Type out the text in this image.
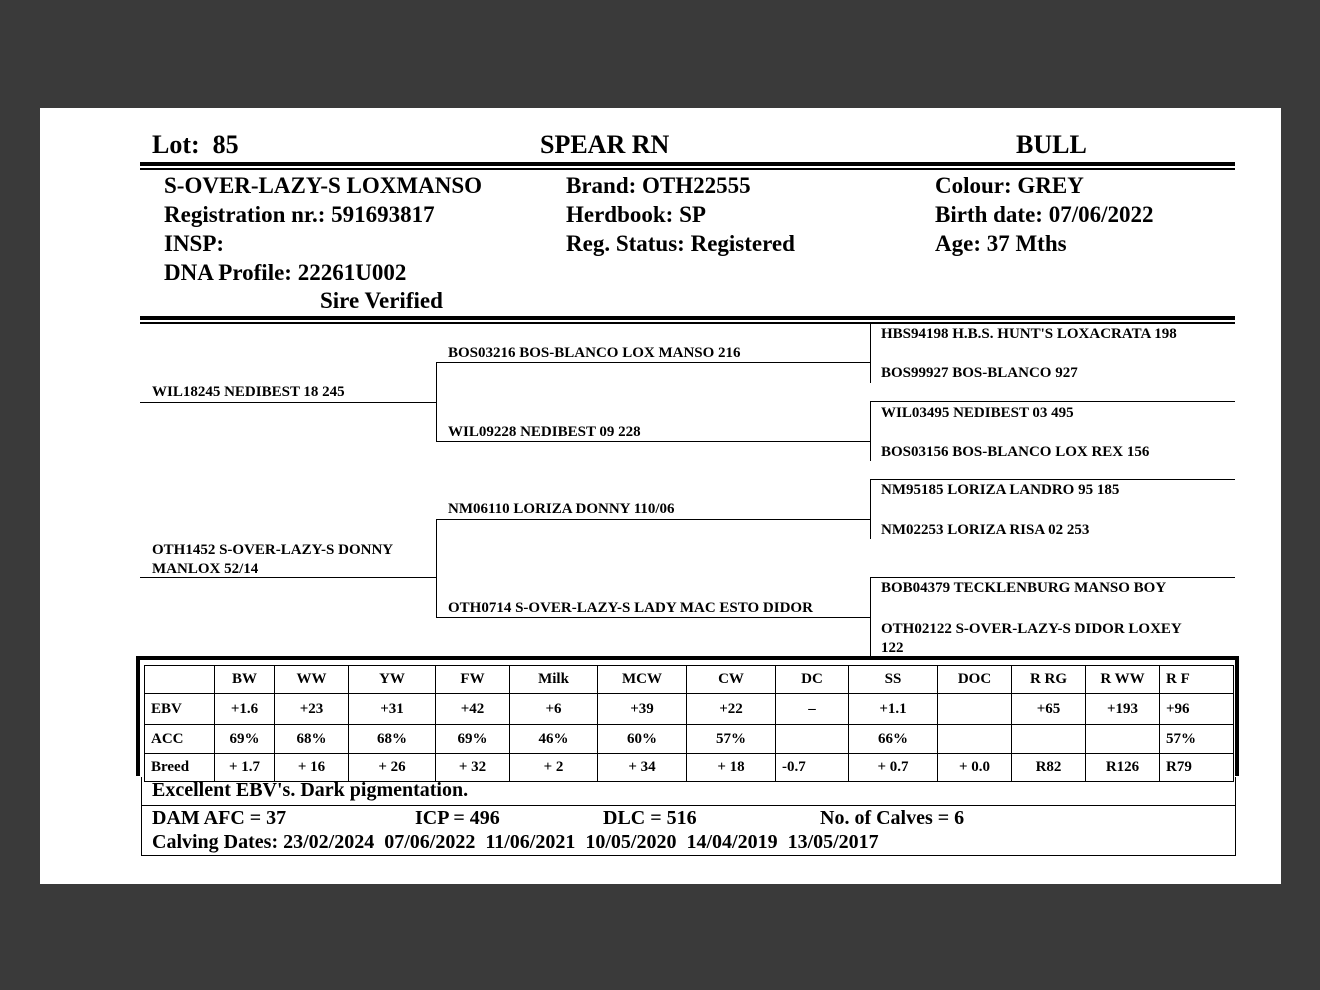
Lot: 85	SPEAR RN	BULL
S-OVER-LAZY-S LOXMANSO
Registration nr.: 591693817
INSP:
DNA Profile: 22261U002
Sire Verified
Brand: OTH22555
Herdbook: SP
Reg. Status: Registered
Colour: GREY
Birth date: 07/06/2022
Age: 37 Mths
WIL18245 NEDIBEST 18 245
OTH1452 S-OVER-LAZY-S DONNY
MANLOX 52/14
BOS03216 BOS-BLANCO LOX MANSO 216
WIL09228 NEDIBEST 09 228
NM06110 LORIZA DONNY 110/06
OTH0714 S-OVER-LAZY-S LADY MAC ESTO DIDOR
HBS94198 H.B.S. HUNT'S LOXACRATA 198
BOS99927 BOS-BLANCO 927
WIL03495 NEDIBEST 03 495
BOS03156 BOS-BLANCO LOX REX 156
NM95185 LORIZA LANDRO 95 185
NM02253 LORIZA RISA 02 253
BOB04379 TECKLENBURG MANSO BOY
OTH02122 S-OVER-LAZY-S DIDOR LOXEY
122
	BW	WW	YW	FW	Milk	MCW	CW	DC	SS	DOC	R RG	R WW	R F
EBV	+1.6	+23	+31	+42	+6	+39	+22	–	+1.1		+65	+193	+96
ACC	69%	68%	68%	69%	46%	60%	57%		66%				57%
Breed	+ 1.7	+ 16	+ 26	+ 32	+ 2	+ 34	+ 18	-0.7	+ 0.7	+ 0.0	R82	R126	R79
Excellent EBV's. Dark pigmentation.
DAM AFC = 37	ICP = 496	DLC = 516	No. of Calves = 6
Calving Dates: 23/02/2024  07/06/2022  11/06/2021  10/05/2020  14/04/2019  13/05/2017
